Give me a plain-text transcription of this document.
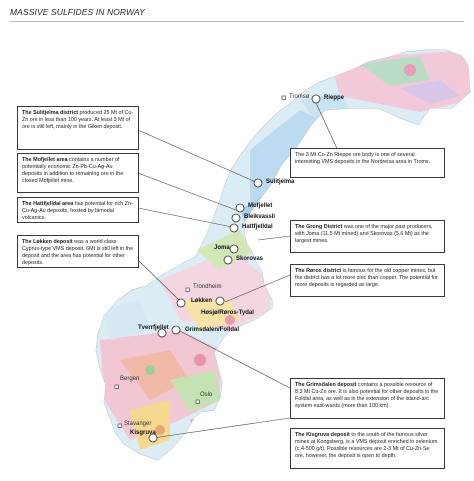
MASSIVE SULFIDES IN NORWAY
Rieppe
Sulitjelma
Mofjellet
Bleikvassli
Hattfjelldal
Joma
Skorovas
Løkken
Høsjø/Røros-Tydal
Tverrfjellet	Grimsdalen/Folldal
Kisgruva
Tromsø
Trondheim
Bergen
Oslo
Stavanger
The Sulitjelma district produced 25 Mt of Cu-Zn ore in less than 100 years. At least 5 Mt of ore is still left, mainly in the Giken deposit.
The Mofjellet area contains a number of potentially economic Zn-Pb-Cu-Ag-Au deposits in addition to remaining ore in the closed Mofjellet mine.
The Hattfjelldal area has potential for rich Zn-Cu-Ag-Au deposits, hosted by bimodal volcanics.
The Løkken deposit was a world class Cyprus-type VMS deposit. 6Mt is still left in the deposit and the area has potential for other deposits.
The 3 Mt Cu-Zn Rieppe ore body is one of several interesting VMS deposits in the Nordreisa area in Troms.
The Grong District was one of the major past producers, with Joma (11.5 Mt mined) and Skorovas (5.6 Mt) as the largest mines.
The Røros district is famous for the old copper mines, but the district has a lot more zinc than copper. The potential for more deposits is regarded as large.
The Grimsdalen deposit contains a possible resource of 8.3 Mt Cu-Zn ore. It is also potential for other deposits in the Folldal area, as well as in the extension of the island-arc system east-wards (more than 100 km).
The Kisgruva deposit to the south of the famous silver mines at Kongsberg, is a VMS deposit enriched in selenium (c.4-500 g/t). Possible resources are 2-3 Mt of Cu-Zn-Se ore, however, the deposit is open to depth.
